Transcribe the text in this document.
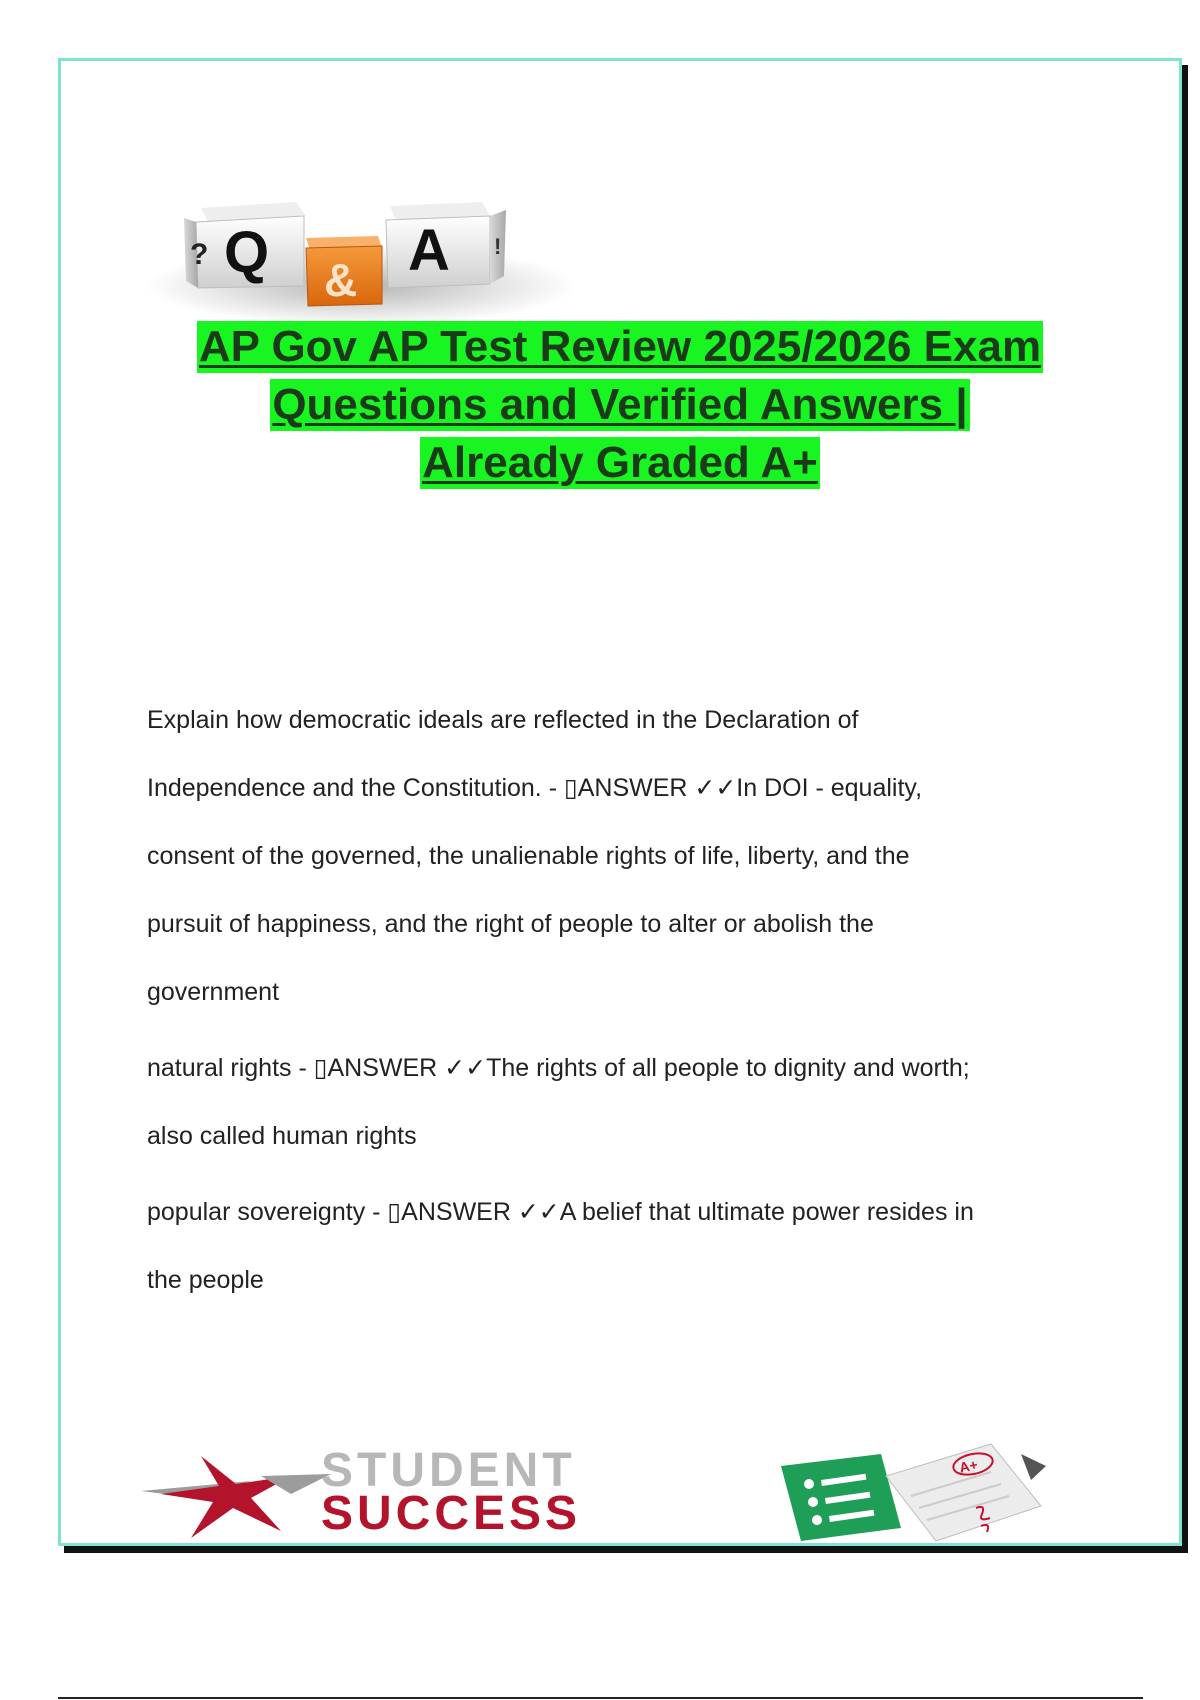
? Q & A !
AP Gov AP Test Review 2025/2026 Exam
Questions and Verified Answers |
Already Graded A+

Explain how democratic ideals are reflected in the Declaration of

Independence and the Constitution. - ▯ANSWER ✓✓In DOI - equality,

consent of the governed, the unalienable rights of life, liberty, and the

pursuit of happiness, and the right of people to alter or abolish the

government

natural rights - ▯ANSWER ✓✓The rights of all people to dignity and worth;

also called human rights

popular sovereignty - ▯ANSWER ✓✓A belief that ultimate power resides in

the people

STUDENT
SUCCESS
A+
